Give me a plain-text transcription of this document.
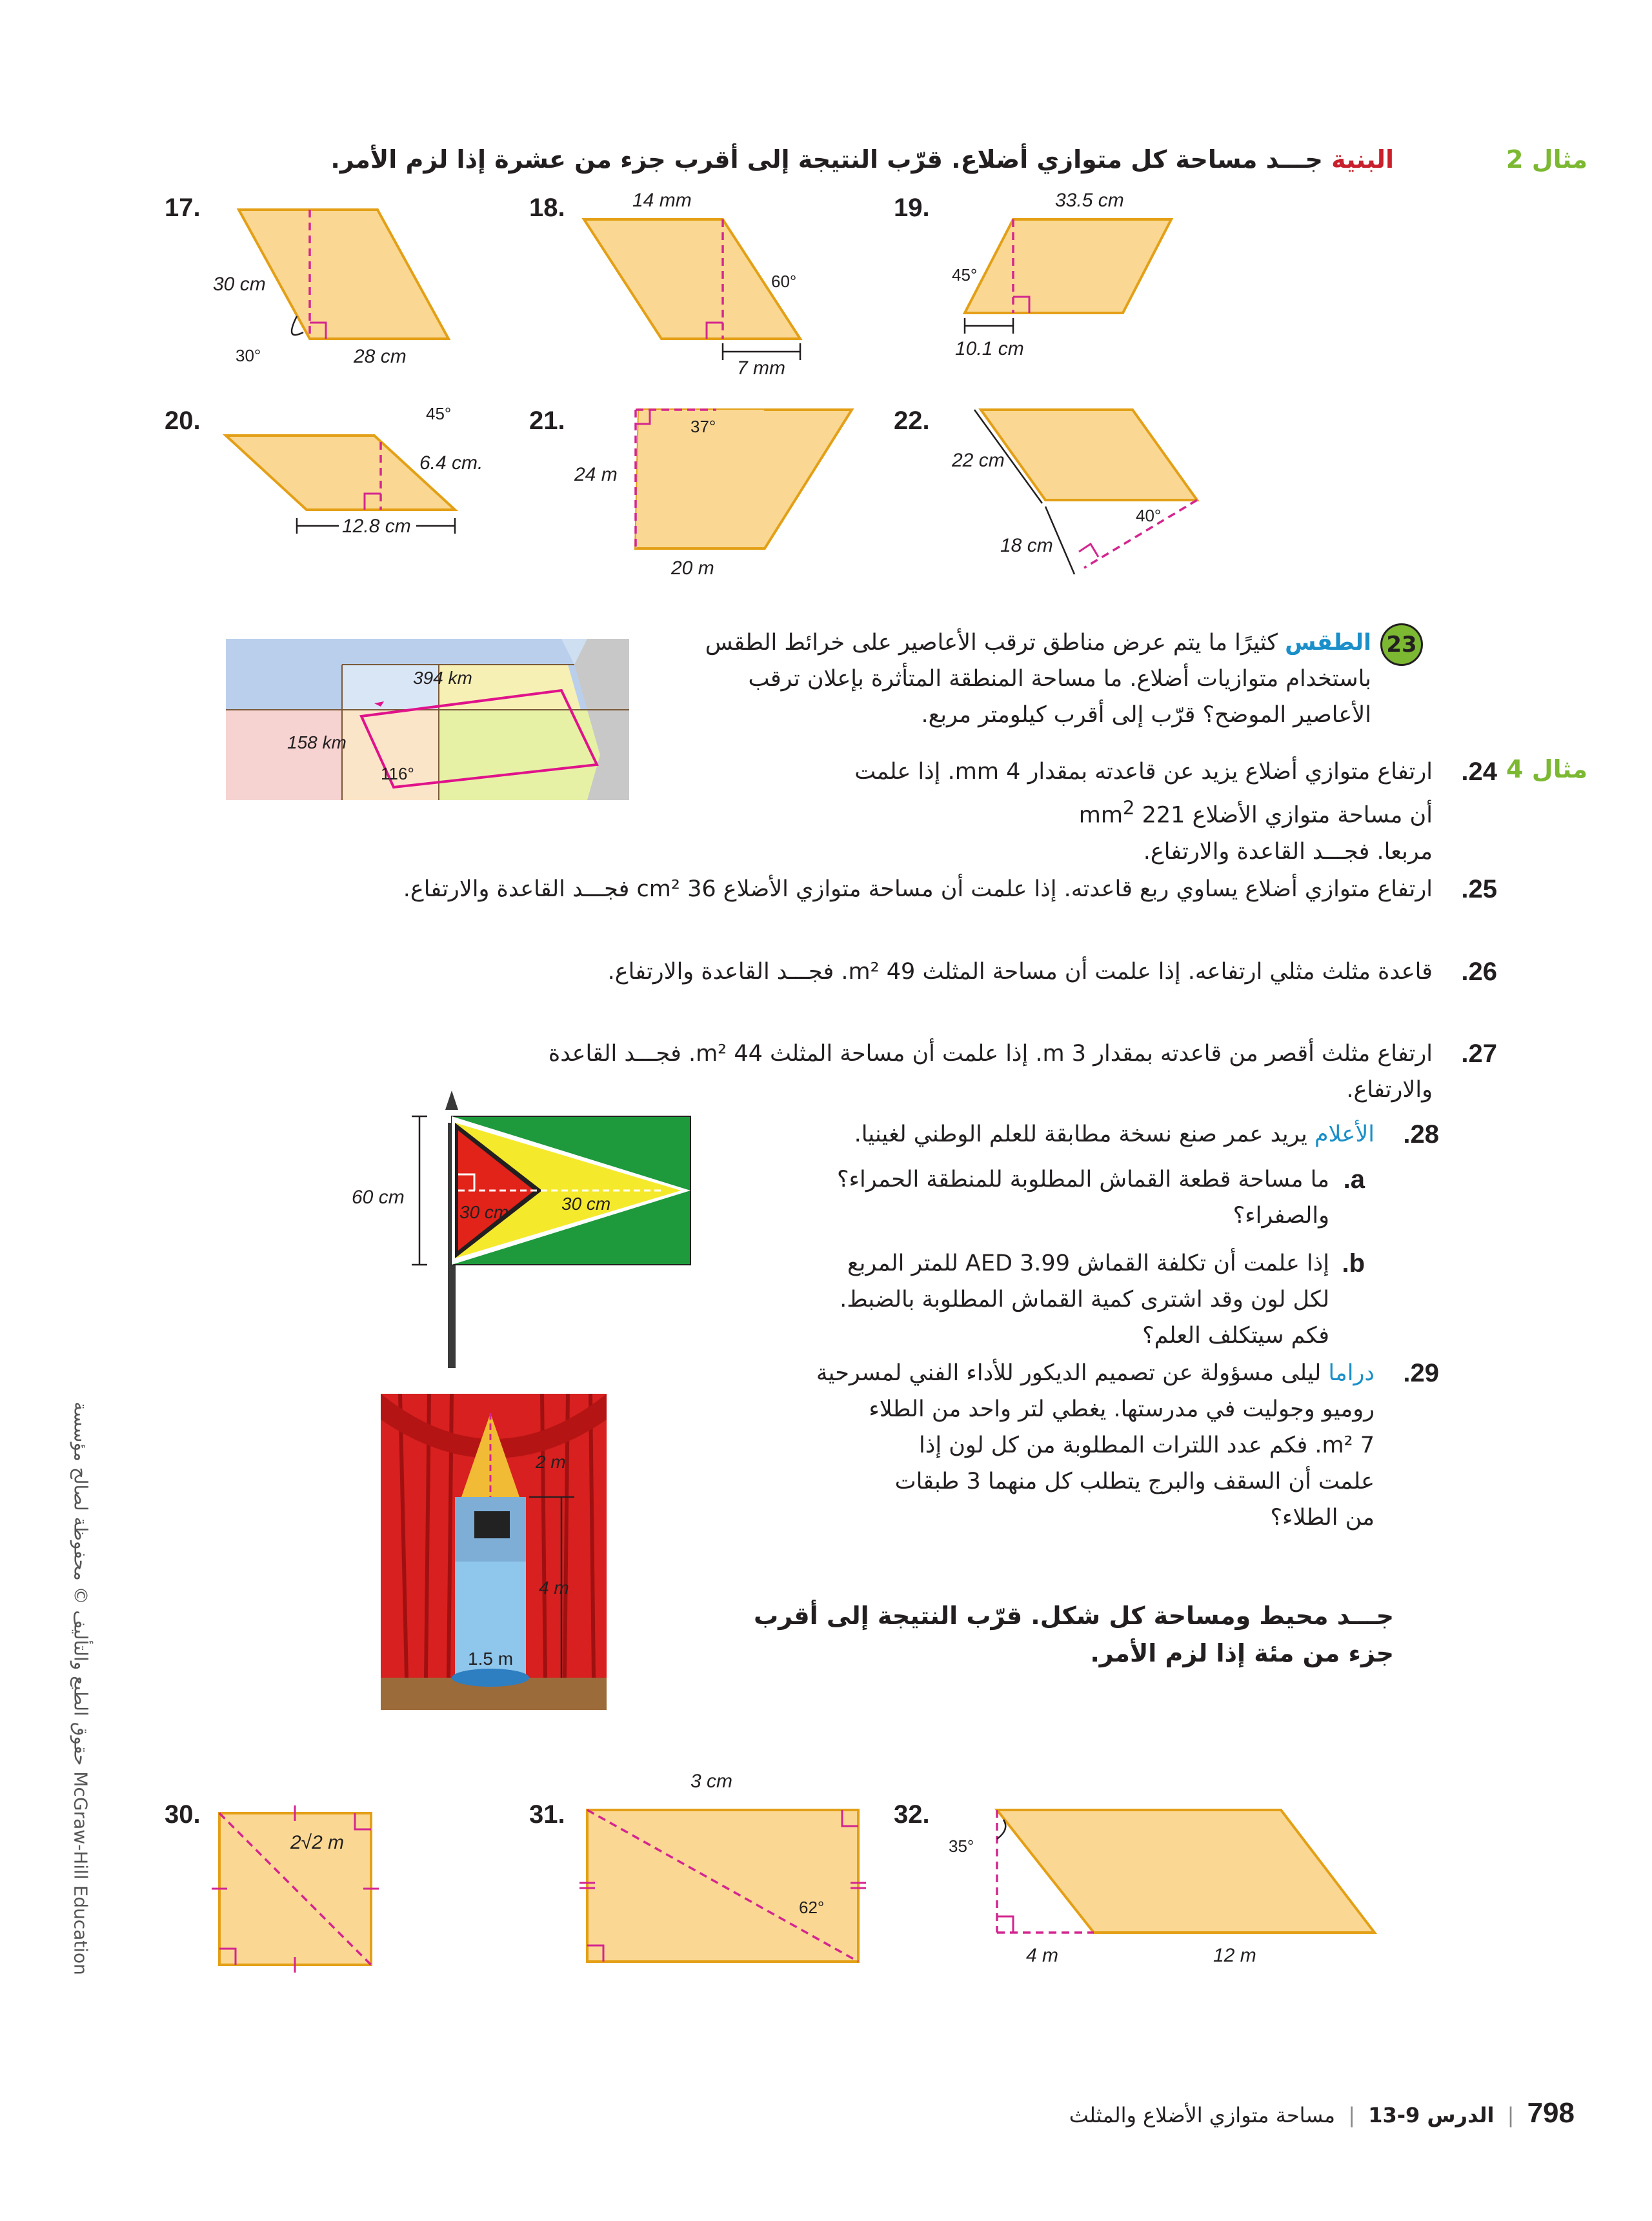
مثال 2
البنية جـــد مساحة كل متوازي أضلاع. قرّب النتيجة إلى أقرب جزء من عشرة إذا لزم الأمر.
17.
30 cm
30°	28 cm
18.	14 mm
60°
7 mm
19.	33.5 cm
45°
10.1 cm
20.	45°
6.4 cm.
12.8 cm
21.	37°
24 m
20 m
22.
22 cm
40°
18 cm
394 km
158 km
116°
23
الطقس كثيرًا ما يتم عرض مناطق ترقب الأعاصير على خرائط الطقس
باستخدام متوازيات أضلاع. ما مساحة المنطقة المتأثرة بإعلان ترقب
الأعاصير الموضح؟ قرّب إلى أقرب كيلومتر مربع.
مثال 4
24.
ارتفاع متوازي أضلاع يزيد عن قاعدته بمقدار 4 mm. إذا علمت
أن مساحة متوازي الأضلاع 221 $mm^2$
مربعا. فجـــد القاعدة والارتفاع.
25.
ارتفاع متوازي أضلاع يساوي ربع قاعدته. إذا علمت أن مساحة متوازي الأضلاع 36 cm² فجـــد القاعدة والارتفاع.
26.
قاعدة مثلث مثلي ارتفاعه. إذا علمت أن مساحة المثلث 49 m². فجـــد القاعدة والارتفاع.
27.
ارتفاع مثلث أقصر من قاعدته بمقدار 3 m. إذا علمت أن مساحة المثلث 44 m². فجـــد القاعدة
والارتفاع.
60 cm
30 cm	30 cm
28.
الأعلام يريد عمر صنع نسخة مطابقة للعلم الوطني لغينيا.
a.
ما مساحة قطعة القماش المطلوبة للمنطقة الحمراء؟
والصفراء؟
b.
إذا علمت أن تكلفة القماش AED 3.99 للمتر المربع
لكل لون وقد اشترى كمية القماش المطلوبة بالضبط.
فكم سيتكلف العلم؟
2 m
4 m
1.5 m
29.
دراما ليلى مسؤولة عن تصميم الديكور للأداء الفني لمسرحية
روميو وجوليت في مدرستها. يغطي لتر واحد من الطلاء
7 m². فكم عدد اللترات المطلوبة من كل لون إذا
علمت أن السقف والبرج يتطلب كل منهما 3 طبقات
من الطلاء؟
جـــد محيط ومساحة كل شكل. قرّب النتيجة إلى أقرب
جزء من مئة إذا لزم الأمر.
30.
2√2 m
31.
3 cm
62°
32.
35°
4 m	12 m
حقوق الطبع والتأليف © محفوظة لصالح مؤسسة McGraw-Hill Education
798 | الدرس 9-13 | مساحة متوازي الأضلاع والمثلث
